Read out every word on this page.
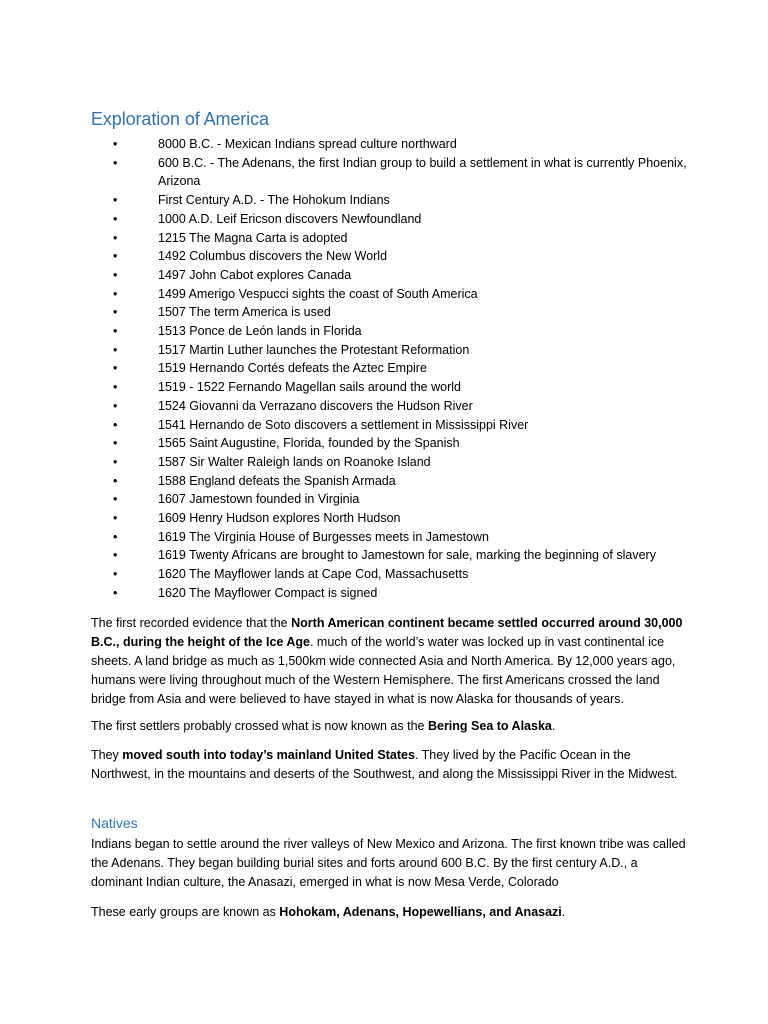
Exploration of America
•	8000 B.C. - Mexican Indians spread culture northward
•	600 B.C. - The Adenans, the first Indian group to build a settlement in what is currently Phoenix, Arizona
•	First Century A.D. - The Hohokum Indians
•	1000 A.D. Leif Ericson discovers Newfoundland
•	1215 The Magna Carta is adopted
•	1492 Columbus discovers the New World
•	1497 John Cabot explores Canada
•	1499 Amerigo Vespucci sights the coast of South America
•	1507 The term America is used
•	1513 Ponce de León lands in Florida
•	1517 Martin Luther launches the Protestant Reformation
•	1519 Hernando Cortés defeats the Aztec Empire
•	1519 - 1522 Fernando Magellan sails around the world
•	1524 Giovanni da Verrazano discovers the Hudson River
•	1541 Hernando de Soto discovers a settlement in Mississippi River
•	1565 Saint Augustine, Florida, founded by the Spanish
•	1587 Sir Walter Raleigh lands on Roanoke Island
•	1588 England defeats the Spanish Armada
•	1607 Jamestown founded in Virginia
•	1609 Henry Hudson explores North Hudson
•	1619 The Virginia House of Burgesses meets in Jamestown
•	1619 Twenty Africans are brought to Jamestown for sale, marking the beginning of slavery
•	1620 The Mayflower lands at Cape Cod, Massachusetts
•	1620 The Mayflower Compact is signed

The first recorded evidence that the North American continent became settled occurred around 30,000 B.C., during the height of the Ice Age. much of the world’s water was locked up in vast continental ice sheets. A land bridge as much as 1,500km wide connected Asia and North America. By 12,000 years ago, humans were living throughout much of the Western Hemisphere. The first Americans crossed the land bridge from Asia and were believed to have stayed in what is now Alaska for thousands of years.

The first settlers probably crossed what is now known as the Bering Sea to Alaska.

They moved south into today’s mainland United States. They lived by the Pacific Ocean in the Northwest, in the mountains and deserts of the Southwest, and along the Mississippi River in the Midwest.

Natives

Indians began to settle around the river valleys of New Mexico and Arizona. The first known tribe was called the Adenans. They began building burial sites and forts around 600 B.C. By the first century A.D., a dominant Indian culture, the Anasazi, emerged in what is now Mesa Verde, Colorado

These early groups are known as Hohokam, Adenans, Hopewellians, and Anasazi.
